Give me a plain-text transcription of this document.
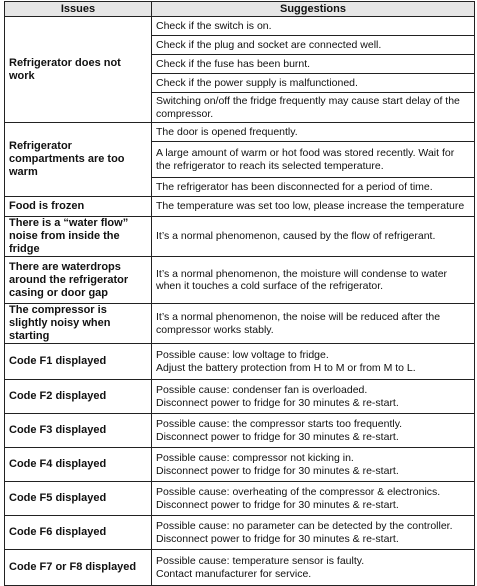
Issues	Suggestions
Refrigerator does not work	Check if the switch is on.

	Check if the plug and socket are connected well.

	Check if the fuse has been burnt.

	Check if the power supply is malfunctioned.

	Switching on/off the fridge frequently may cause start delay of the
compressor.

Refrigerator compartments are too warm	The door is opened frequently.

	A large amount of warm or hot food was stored recently. Wait for
the refrigerator to reach its selected temperature.

	The refrigerator has been disconnected for a period of time.

Food is frozen	The temperature was set too low, please increase the temperature

There is a “water flow” noise from inside the fridge	It’s a normal phenomenon, caused by the flow of refrigerant.

There are waterdrops around the refrigerator casing or door gap	It’s a normal phenomenon, the moisture will condense to water
when it touches a cold surface of the refrigerator.

The compressor is slightly noisy when starting	It’s a normal phenomenon, the noise will be reduced after the
compressor works stably.

Code F1 displayed	Possible cause: low voltage to fridge.
Adjust the battery protection from H to M or from M to L.

Code F2 displayed	Possible cause: condenser fan is overloaded.
Disconnect power to fridge for 30 minutes & re-start.

Code F3 displayed	Possible cause: the compressor starts too frequently.
Disconnect power to fridge for 30 minutes & re-start.

Code F4 displayed	Possible cause: compressor not kicking in.
Disconnect power to fridge for 30 minutes & re-start.

Code F5 displayed	Possible cause: overheating of the compressor & electronics.
Disconnect power to fridge for 30 minutes & re-start.

Code F6 displayed	Possible cause: no parameter can be detected by the controller.
Disconnect power to fridge for 30 minutes & re-start.

Code F7 or F8 displayed	Possible cause: temperature sensor is faulty.
Contact manufacturer for service.
